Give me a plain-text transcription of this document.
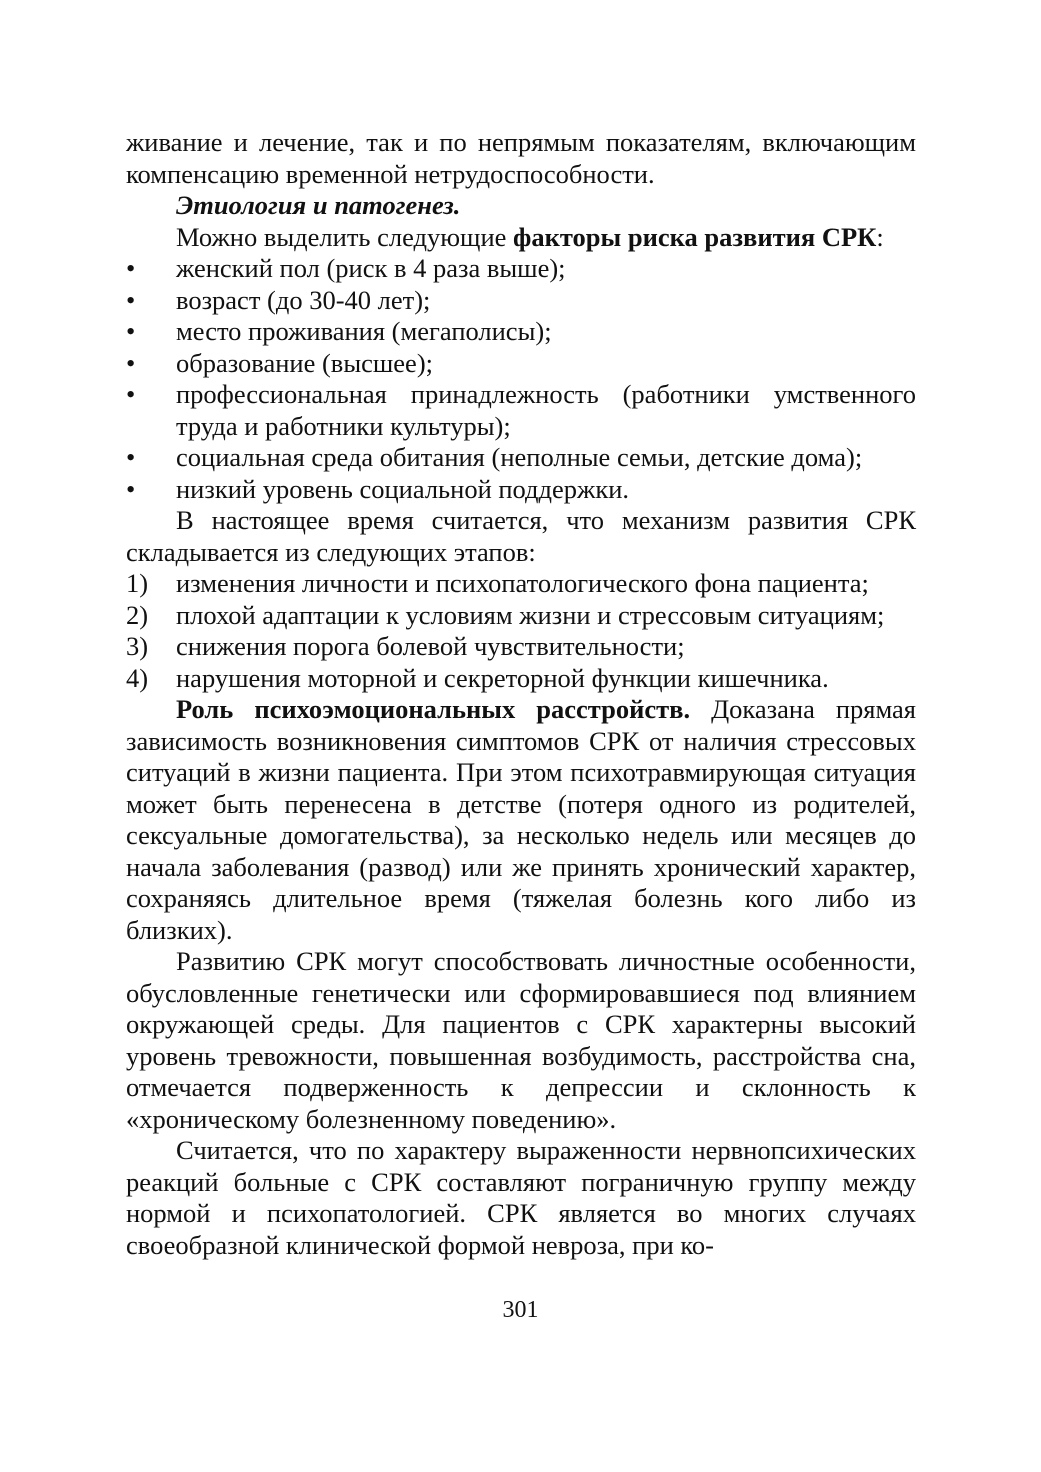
живание и лечение, так и по непрямым показателям, включающим компенсацию временной нетрудоспособности.

Этиология и патогенез.

Можно выделить следующие факторы риска развития СРК:

•	женский пол (риск в 4 раза выше);
•	возраст (до 30-40 лет);
•	место проживания (мегаполисы);
•	образование (высшее);
•	профессиональная принадлежность (работники умственного труда и работники культуры);
•	социальная среда обитания (неполные семьи, детские дома);
•	низкий уровень социальной поддержки.

В настоящее время считается, что механизм развития СРК складывается из следующих этапов:

1)	изменения личности и психопатологического фона пациента;
2)	плохой адаптации к условиям жизни и стрессовым ситуациям;
3)	снижения порога болевой чувствительности;
4)	нарушения моторной и секреторной функции кишечника.

Роль психоэмоциональных расстройств. Доказана прямая зависимость возникновения симптомов СРК от наличия стрессовых ситуаций в жизни пациента. При этом психотравмирующая ситуация может быть перенесена в детстве (потеря одного из родителей, сексуальные домогательства), за несколько недель или месяцев до начала заболевания (развод) или же принять хронический характер, сохраняясь длительное время (тяжелая болезнь кого либо из близких).

Развитию СРК могут способствовать личностные особенности, обусловленные генетически или сформировавшиеся под влиянием окружающей среды. Для пациентов с СРК характерны высокий уровень тревожности, повышенная возбудимость, расстройства сна, отмечается подверженность к депрессии и склонность к «хроническому болезненному поведению».

Считается, что по характеру выраженности нервнопсихических реакций больные с СРК составляют пограничную группу между нормой и психопатологией. СРК является во многих случаях своеобразной клинической формой невроза, при ко-

301
